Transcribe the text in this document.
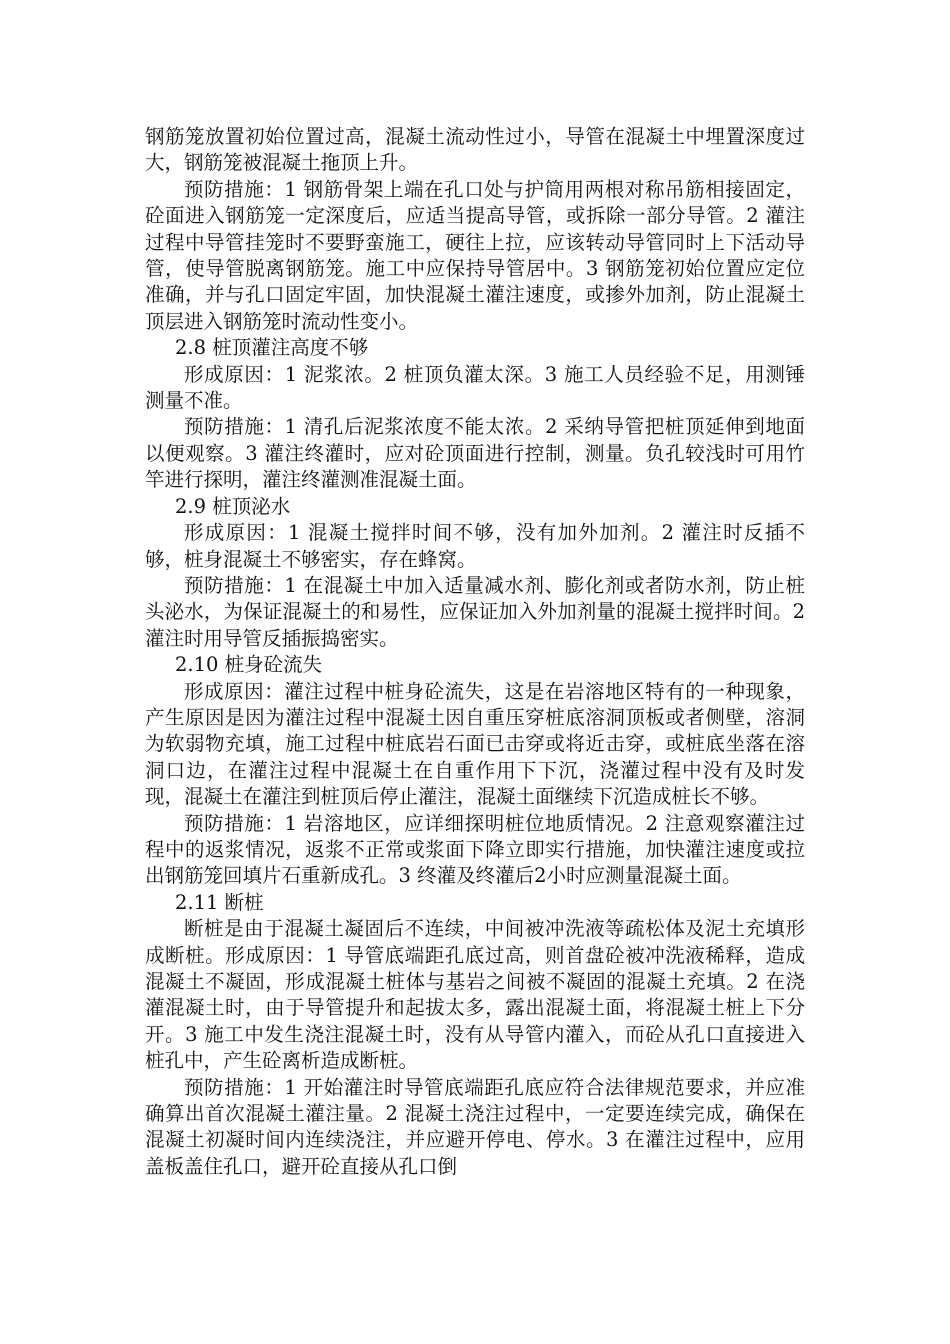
钢筋笼放置初始位置过高，混凝土流动性过小，导管在混凝土中埋置深度过大，钢筋笼被混凝土拖顶上升。

预防措施：1 钢筋骨架上端在孔口处与护筒用两根对称吊筋相接固定，砼面进入钢筋笼一定深度后，应适当提高导管，或拆除一部分导管。2 灌注过程中导管挂笼时不要野蛮施工，硬往上拉，应该转动导管同时上下活动导管，使导管脱离钢筋笼。施工中应保持导管居中。3 钢筋笼初始位置应定位准确，并与孔口固定牢固，加快混凝土灌注速度，或掺外加剂，防止混凝土顶层进入钢筋笼时流动性变小。

2.8 桩顶灌注高度不够

形成原因：1 泥浆浓。2 桩顶负灌太深。3 施工人员经验不足，用测锤测量不准。

预防措施：1 清孔后泥浆浓度不能太浓。2 采纳导管把桩顶延伸到地面以便观察。3 灌注终灌时，应对砼顶面进行控制，测量。负孔较浅时可用竹竿进行探明，灌注终灌测准混凝土面。

2.9 桩顶泌水

形成原因：1 混凝土搅拌时间不够，没有加外加剂。2 灌注时反插不够，桩身混凝土不够密实，存在蜂窝。

预防措施：1 在混凝土中加入适量减水剂、膨化剂或者防水剂，防止桩头泌水，为保证混凝土的和易性，应保证加入外加剂量的混凝土搅拌时间。2 灌注时用导管反插振捣密实。

2.10 桩身砼流失

形成原因：灌注过程中桩身砼流失，这是在岩溶地区特有的一种现象，产生原因是因为灌注过程中混凝土因自重压穿桩底溶洞顶板或者侧壁，溶洞为软弱物充填，施工过程中桩底岩石面已击穿或将近击穿，或桩底坐落在溶洞口边，在灌注过程中混凝土在自重作用下下沉，浇灌过程中没有及时发现，混凝土在灌注到桩顶后停止灌注，混凝土面继续下沉造成桩长不够。

预防措施：1 岩溶地区，应详细探明桩位地质情况。2 注意观察灌注过程中的返浆情况，返浆不正常或浆面下降立即实行措施，加快灌注速度或拉出钢筋笼回填片石重新成孔。3 终灌及终灌后2小时应测量混凝土面。

2.11 断桩

断桩是由于混凝土凝固后不连续，中间被冲洗液等疏松体及泥土充填形成断桩。形成原因：1 导管底端距孔底过高，则首盘砼被冲洗液稀释，造成混凝土不凝固，形成混凝土桩体与基岩之间被不凝固的混凝土充填。2 在浇灌混凝土时，由于导管提升和起拔太多，露出混凝土面，将混凝土桩上下分开。3 施工中发生浇注混凝土时，没有从导管内灌入，而砼从孔口直接进入桩孔中，产生砼离析造成断桩。

预防措施：1 开始灌注时导管底端距孔底应符合法律规范要求，并应准确算出首次混凝土灌注量。2 混凝土浇注过程中，一定要连续完成，确保在混凝土初凝时间内连续浇注，并应避开停电、停水。3 在灌注过程中，应用盖板盖住孔口，避开砼直接从孔口倒
